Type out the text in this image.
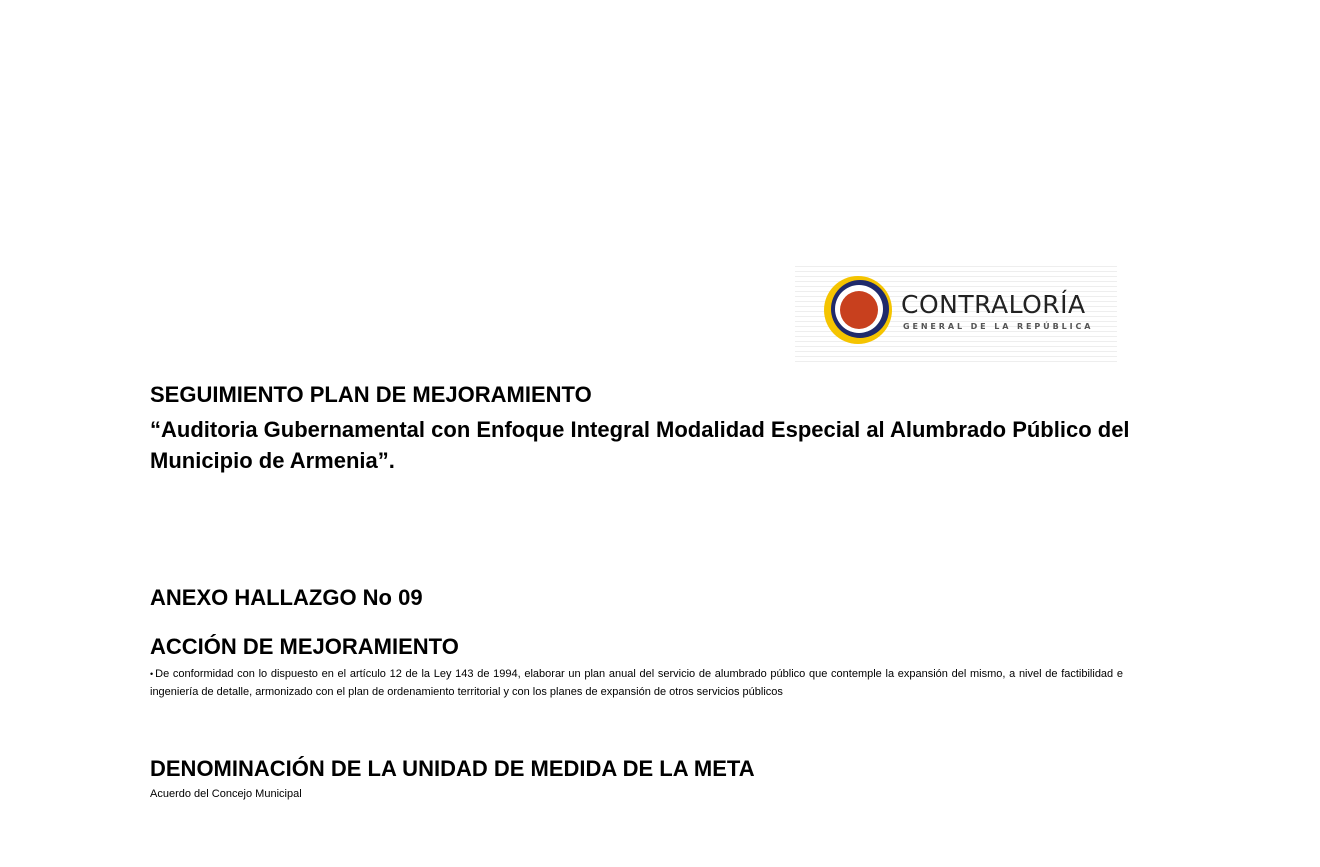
CONTRALORÍA
GENERAL DE LA REPÚBLICA
SEGUIMIENTO PLAN DE MEJORAMIENTO
“Auditoria Gubernamental con Enfoque Integral Modalidad Especial al Alumbrado Público del Municipio de Armenia”.
ANEXO HALLAZGO No 09
ACCIÓN DE MEJORAMIENTO
• De conformidad con lo dispuesto en el artículo 12 de la Ley 143 de 1994, elaborar un plan anual del servicio de alumbrado público que contemple la expansión del mismo, a nivel de factibilidad e ingeniería de detalle, armonizado con el plan de ordenamiento territorial y con los planes de expansión de otros servicios públicos
DENOMINACIÓN DE LA UNIDAD DE MEDIDA DE LA META
Acuerdo del Concejo Municipal
